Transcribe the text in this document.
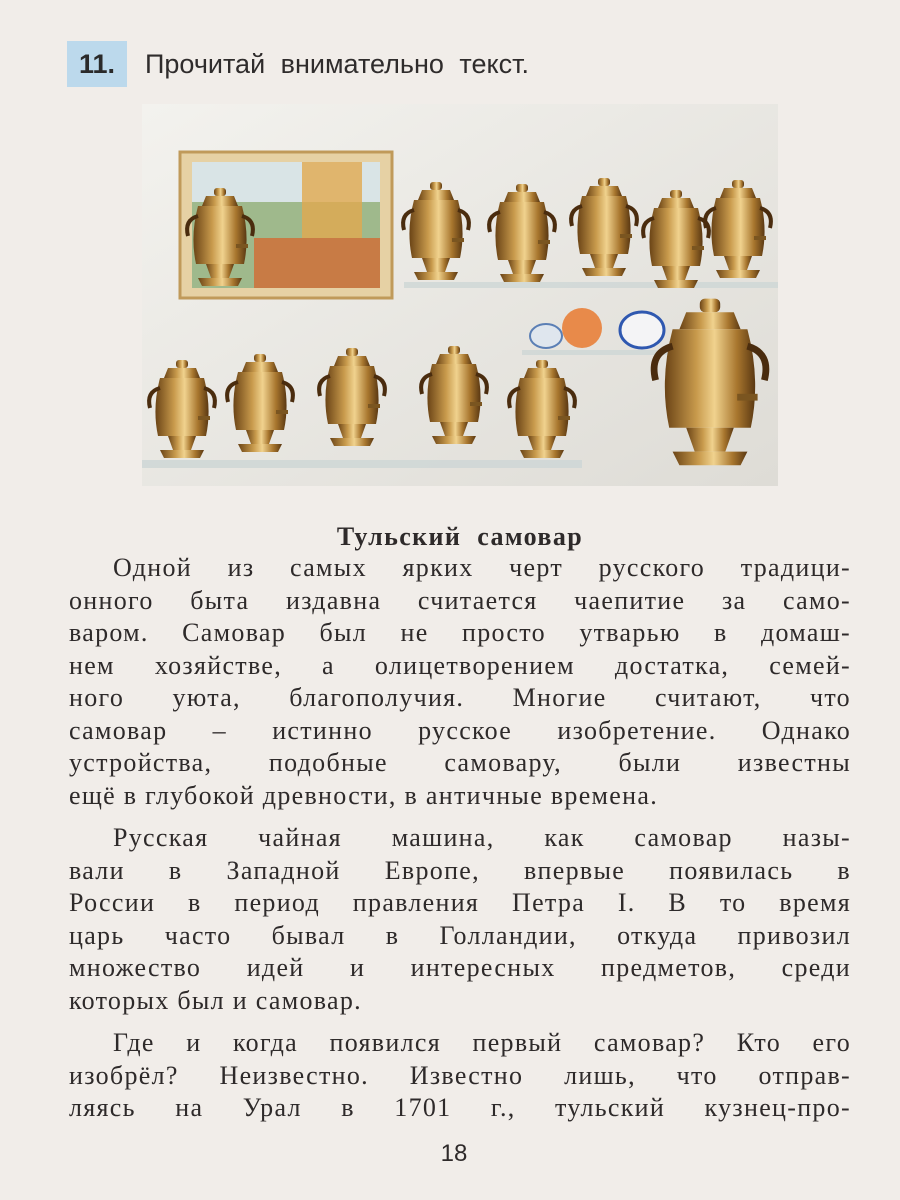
11.	Прочитай внимательно текст.
Тульский самовар
Одной из самых ярких черт русского традици-
онного быта издавна считается чаепитие за само-
варом. Самовар был не просто утварью в домаш-
нем хозяйстве, а олицетворением достатка, семей-
ного уюта, благополучия. Многие считают, что
самовар – истинно русское изобретение. Однако
устройства, подобные самовару, были известны
ещё в глубокой древности, в античные времена.
Русская чайная машина, как самовар назы-
вали в Западной Европе, впервые появилась в
России в период правления Петра I. В то время
царь часто бывал в Голландии, откуда привозил
множество идей и интересных предметов, среди
которых был и самовар.
Где и когда появился первый самовар? Кто его
изобрёл? Неизвестно. Известно лишь, что отправ-
ляясь на Урал в 1701 г., тульский кузнец-про-
18
